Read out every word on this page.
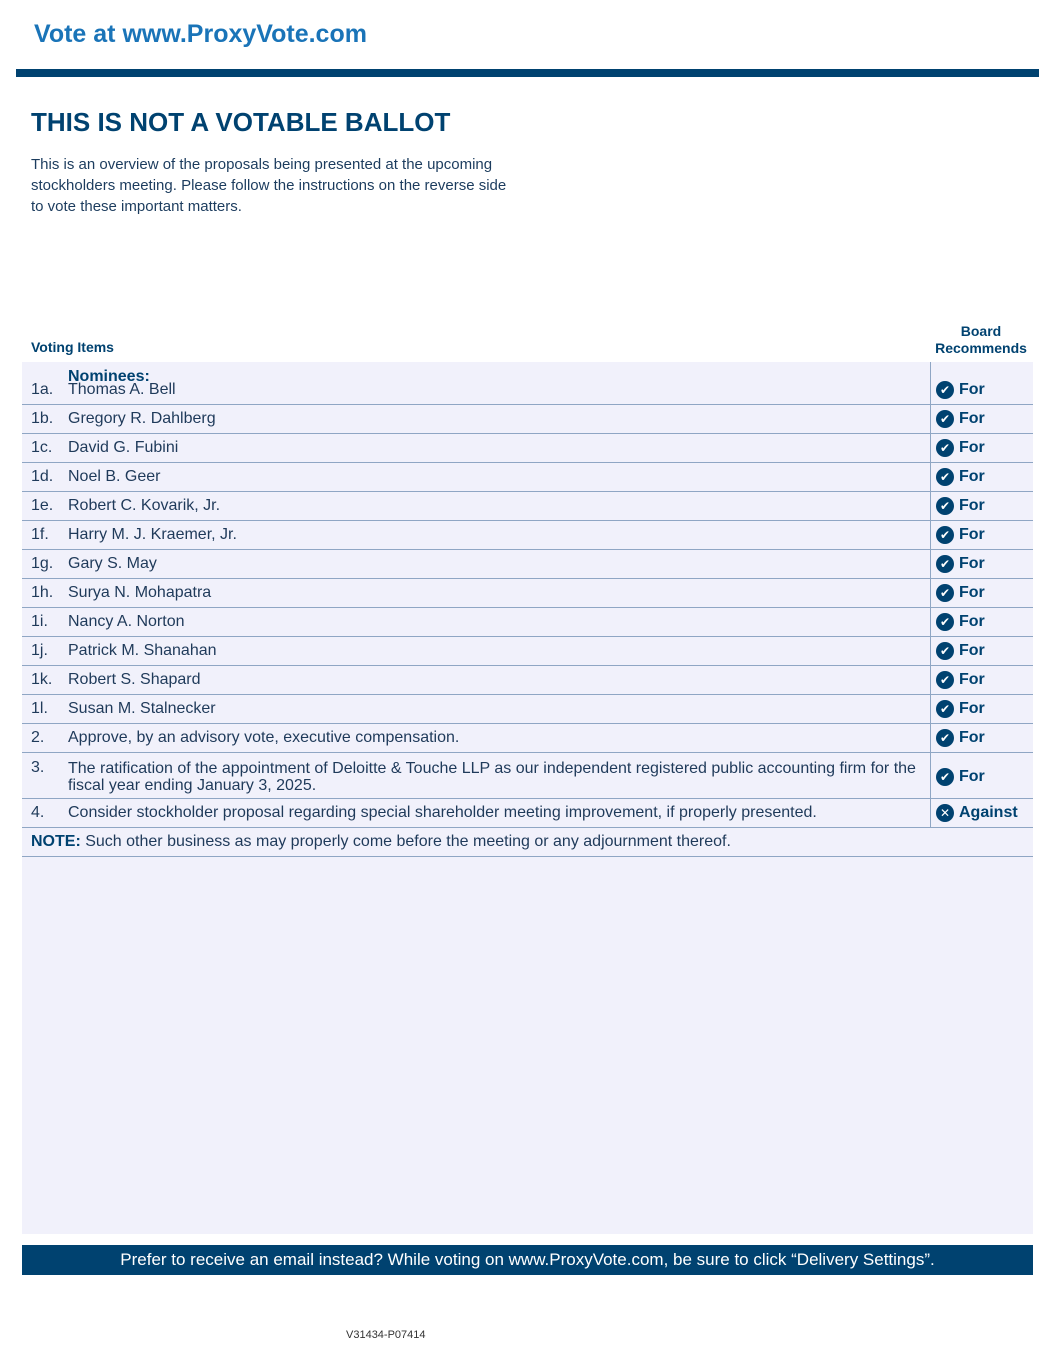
Vote at www.ProxyVote.com
THIS IS NOT A VOTABLE BALLOT
This is an overview of the proposals being presented at the upcoming stockholders meeting. Please follow the instructions on the reverse side to vote these important matters.
Voting Items
Board
Recommends
Nominees:
1a. Thomas A. Bell	✔ For
1b. Gregory R. Dahlberg	✔ For
1c. David G. Fubini	✔ For
1d. Noel B. Geer	✔ For
1e. Robert C. Kovarik, Jr.	✔ For
1f. Harry M. J. Kraemer, Jr.	✔ For
1g. Gary S. May	✔ For
1h. Surya N. Mohapatra	✔ For
1i. Nancy A. Norton	✔ For
1j. Patrick M. Shanahan	✔ For
1k. Robert S. Shapard	✔ For
1l. Susan M. Stalnecker	✔ For
2. Approve, by an advisory vote, executive compensation.	✔ For
3. The ratification of the appointment of Deloitte & Touche LLP as our independent registered public accounting firm for the fiscal year ending January 3, 2025.	✔ For
4. Consider stockholder proposal regarding special shareholder meeting improvement, if properly presented.	✕ Against
NOTE: Such other business as may properly come before the meeting or any adjournment thereof.
Prefer to receive an email instead? While voting on www.ProxyVote.com, be sure to click “Delivery Settings”.
V31434-P07414
